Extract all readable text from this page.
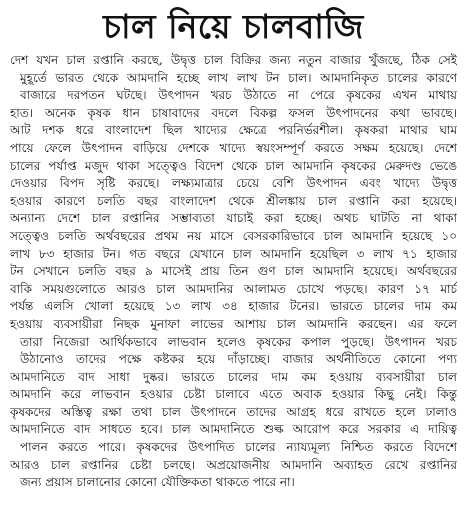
চাল নিয়ে চালবাজি
দেশ যখন চাল রপ্তানি করছে, উদ্বৃত্ত চাল বিক্রির জন্য নতুন বাজার খুঁজছে, ঠিক সেই
মুহূর্তে ভারত থেকে আমদানি হচ্ছে লাখ লাখ টন চাল। আমদানিকৃত চালের কারণে
বাজারে দরপতন ঘটছে। উৎপাদন খরচ উঠাতে না পেরে কৃষকের এখন মাথায়
হাত। অনেক কৃষক ধান চাষাবাদের বদলে বিকল্প ফসল উৎপাদনের কথা ভাবছে।
আট দশক ধরে বাংলাদেশ ছিল খাদ্যের ক্ষেত্রে পরনির্ভরশীল। কৃষকরা মাথার ঘাম
পায়ে ফেলে উৎপাদন বাড়িয়ে দেশকে খাদ্যে স্বয়ংসম্পূর্ণ করতে সক্ষম হয়েছে। দেশে
চালের পর্যাপ্ত মজুদ থাকা সত্ত্বেও বিদেশ থেকে চাল আমদানি কৃষকের মেরুদণ্ড ভেঙে
দেওয়ার বিপদ সৃষ্টি করছে। লক্ষ্যমাত্রার চেয়ে বেশি উৎপাদন এবং খাদ্যে উদ্বৃত্ত
হওয়ার কারণে চলতি বছর বাংলাদেশ থেকে শ্রীলঙ্কায় চাল রপ্তানি করা হয়েছে।
অন্যান্য দেশে চাল রপ্তানির সম্ভাব্যতা যাচাই করা হচ্ছে। অথচ ঘাটতি না থাকা
সত্ত্বেও চলতি অর্থবছরের প্রথম নয় মাসে বেসরকারিভাবে চাল আমদানি হয়েছে ১০
লাখ ৮৩ হাজার টন। গত বছরে যেখানে চাল আমদানি হয়েছিল ৩ লাখ ৭১ হাজার
টন সেখানে চলতি বছর ৯ মাসেই প্রায় তিন গুণ চাল আমদানি হয়েছে। অর্থবছরের
বাকি সময়গুলোতে আরও চাল আমদানির আলামত চোখে পড়ছে। কারণ ১৭ মার্চ
পর্যন্ত এলসি খোলা হয়েছে ১৩ লাখ ৩৪ হাজার টনের। ভারতে চালের দাম কম
হওয়ায় ব্যবসায়ীরা নিছক মুনাফা লাভের আশায় চাল আমদানি করছেন। এর ফলে
তারা নিজেরা আর্থিকভাবে লাভবান হলেও কৃষকের কপাল পুড়ছে। উৎপাদন খরচ
উঠানোও তাদের পক্ষে কষ্টকর হয়ে দাঁড়াচ্ছে। বাজার অর্থনীতিতে কোনো পণ্য
আমদানিতে বাদ সাধা দুষ্কর। ভারতে চালের দাম কম হওয়ায় ব্যবসায়ীরা চাল
আমদানি করে লাভবান হওয়ার চেষ্টা চালাবে এতে অবাক হওয়ার কিছু নেই। কিন্তু
কৃষকদের অস্তিত্ব রক্ষা তথা চাল উৎপাদনে তাদের আগ্রহ ধরে রাখতে হলে ঢালাও
আমদানিতে বাদ সাধতে হবে। চাল আমদানিতে শুল্ক আরোপ করে সরকার এ দায়িত্ব
পালন করতে পারে। কৃষকদের উৎপাদিত চালের ন্যায্যমূল্য নিশ্চিত করতে বিদেশে
আরও চাল রপ্তানির চেষ্টা চলছে। অপ্রয়োজনীয় আমদানি অব্যাহত রেখে রপ্তানির
জন্য প্রয়াস চালানোর কোনো যৌক্তিকতা থাকতে পারে না।
